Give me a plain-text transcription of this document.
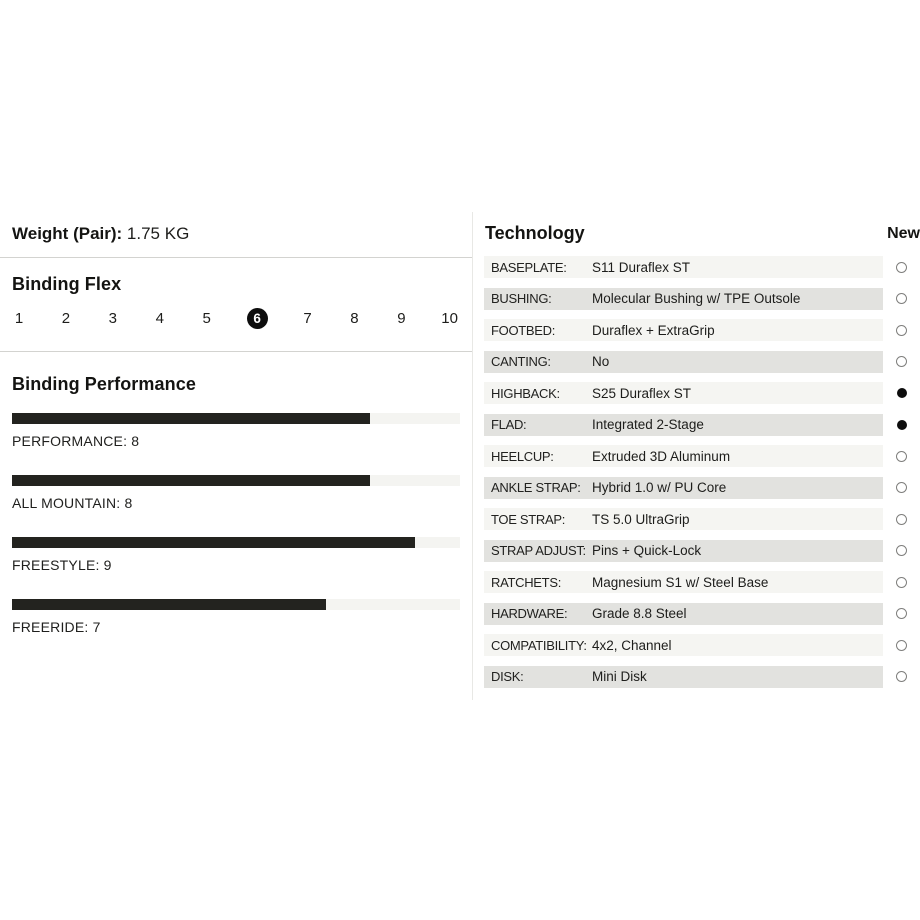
Weight (Pair): 1.75 KG
Binding Flex
1	2	3	4	5	6	7	8	9 10
Binding Performance
PERFORMANCE: 8
ALL MOUNTAIN: 8
FREESTYLE: 9
FREERIDE: 7
Technology	New
BASEPLATE:	S11 Duraflex ST
BUSHING:	Molecular Bushing w/ TPE Outsole
FOOTBED:	Duraflex + ExtraGrip
CANTING:	No
HIGHBACK:	S25 Duraflex ST
FLAD:	Integrated 2-Stage
HEELCUP:	Extruded 3D Aluminum
ANKLE STRAP: Hybrid 1.0 w/ PU Core
TOE STRAP:	TS 5.0 UltraGrip
STRAP ADJUST: Pins + Quick-Lock
RATCHETS:	Magnesium S1 w/ Steel Base
HARDWARE:	Grade 8.8 Steel
COMPATIBILITY: 4x2, Channel
DISK:	Mini Disk
